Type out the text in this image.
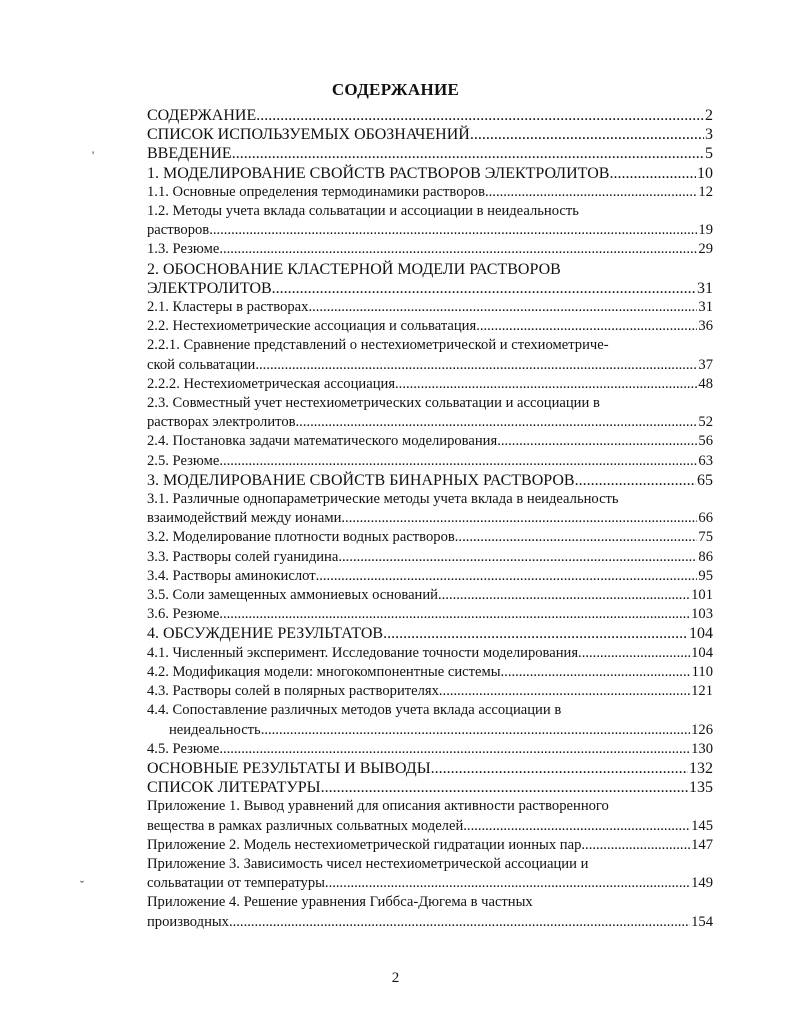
СОДЕРЖАНИЕ
СОДЕРЖАНИЕ .....	2
СПИСОК ИСПОЛЬЗУЕМЫХ ОБОЗНАЧЕНИЙ .....	3
ВВЕДЕНИЕ .....	5
1. МОДЕЛИРОВАНИЕ СВОЙСТВ РАСТВОРОВ ЭЛЕКТРОЛИТОВ .....	10
1.1. Основные определения термодинамики растворов .....	12
1.2. Методы учета вклада сольватации и ассоциации в неидеальность
растворов .....	19
1.3. Резюме .....	29
2. ОБОСНОВАНИЕ КЛАСТЕРНОЙ МОДЕЛИ РАСТВОРОВ
ЭЛЕКТРОЛИТОВ .....	31
2.1. Кластеры в растворах .....	31
2.2. Нестехиометрические ассоциация и сольватация .....	36
2.2.1. Сравнение представлений о нестехиометрической и стехиометриче-
ской сольватации .....	37
2.2.2. Нестехиометрическая ассоциация .....	48
2.3. Совместный учет нестехиометрических сольватации и ассоциации в
растворах электролитов .....	52
2.4. Постановка задачи математического моделирования .....	56
2.5. Резюме .....	63
3. МОДЕЛИРОВАНИЕ СВОЙСТВ БИНАРНЫХ РАСТВОРОВ .....	65
3.1. Различные однопараметрические методы учета вклада в неидеальность
взаимодействий между ионами .....	66
3.2. Моделирование плотности водных растворов .....	75
3.3. Растворы солей гуанидина .....	86
3.4. Растворы аминокислот .....	95
3.5. Соли замещенных аммониевых оснований .....	101
3.6. Резюме .....	103
4. ОБСУЖДЕНИЕ РЕЗУЛЬТАТОВ .....	104
4.1. Численный эксперимент. Исследование точности моделирования. .....	104
4.2. Модификация модели: многокомпонентные системы .....	110
4.3. Растворы солей в полярных растворителях .....	121
4.4. Сопоставление различных методов учета вклада ассоциации в
неидеальность .....	126
4.5. Резюме .....	130
ОСНОВНЫЕ РЕЗУЛЬТАТЫ И ВЫВОДЫ .....	132
СПИСОК ЛИТЕРАТУРЫ .....	135
Приложение 1. Вывод уравнений для описания активности растворенного
вещества в рамках различных сольватных моделей .....	145
Приложение 2. Модель нестехиометрической гидратации ионных пар .....	147
Приложение 3. Зависимость чисел нестехиометрической ассоциации и
сольватации от температуры .....	149
Приложение 4. Решение уравнения Гиббса-Дюгема в частных
производных .....	154
'
ˇ
2
